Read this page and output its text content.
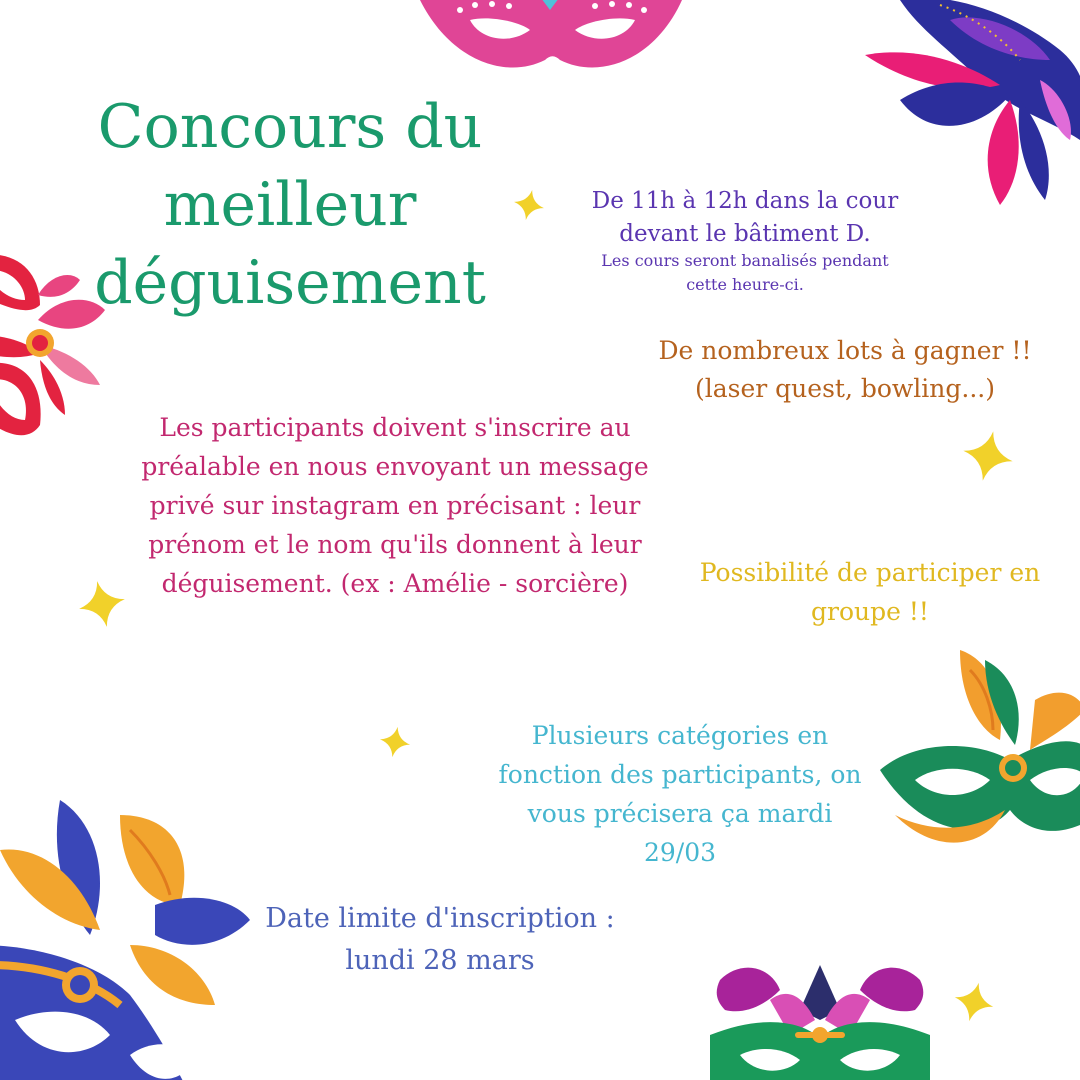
Concours du meilleur déguisement

De 11h à 12h dans la cour devant le bâtiment D.

Les cours seront banalisés pendant cette heure-ci.

De nombreux lots à gagner !! (laser quest, bowling...)

Les participants doivent s'inscrire au préalable en nous envoyant un message privé sur instagram en précisant : leur prénom et le nom qu'ils donnent à leur déguisement. (ex : Amélie - sorcière)	Possibilité de participer en groupe !!

Plusieurs catégories en fonction des participants, on vous précisera ça mardi 29/03

Date limite d'inscription : lundi 28 mars
